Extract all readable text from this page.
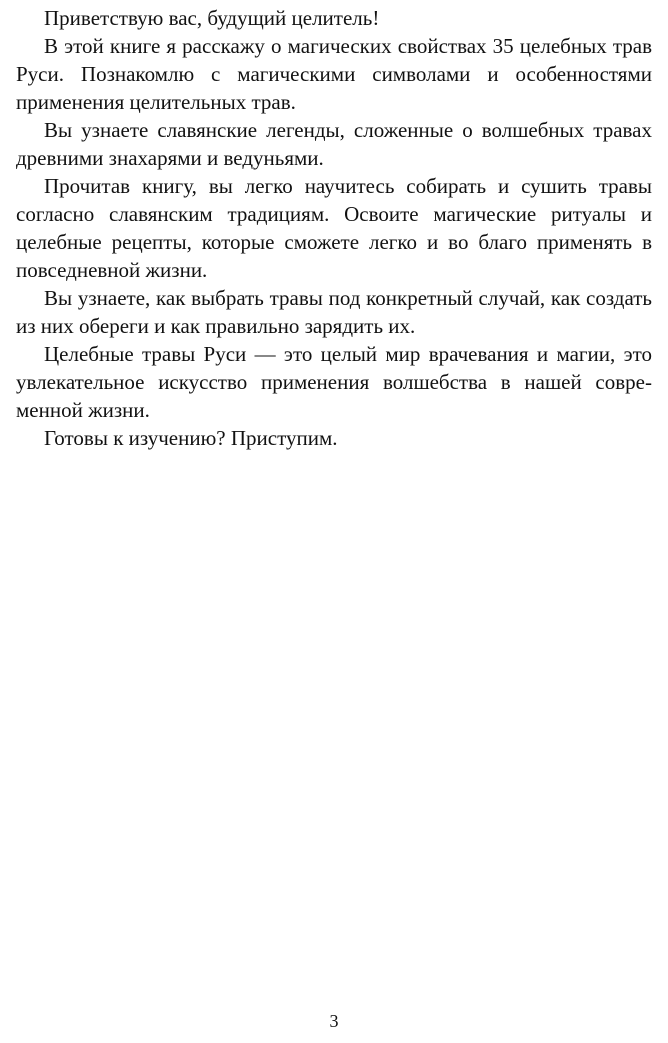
Приветствую вас, будущий целитель!

В этой книге я расскажу о магических свойствах 35 целебных трав Руси. Познакомлю с магическими символами и особенностями применения целительных трав.

Вы узнаете славянские легенды, сложенные о волшебных травах древними знахарями и ведуньями.

Прочитав книгу, вы легко научитесь собирать и сушить травы согласно славянским традициям. Освоите магические ритуалы и целебные рецепты, которые сможете легко и во благо применять в повседневной жизни.

Вы узнаете, как выбрать травы под конкретный случай, как создать из них обереги и как правильно зарядить их.

Целебные травы Руси — это целый мир врачевания и магии, это увлекательное искусство применения волшебства в нашей современной жизни.

Готовы к изучению? Приступим.

3
